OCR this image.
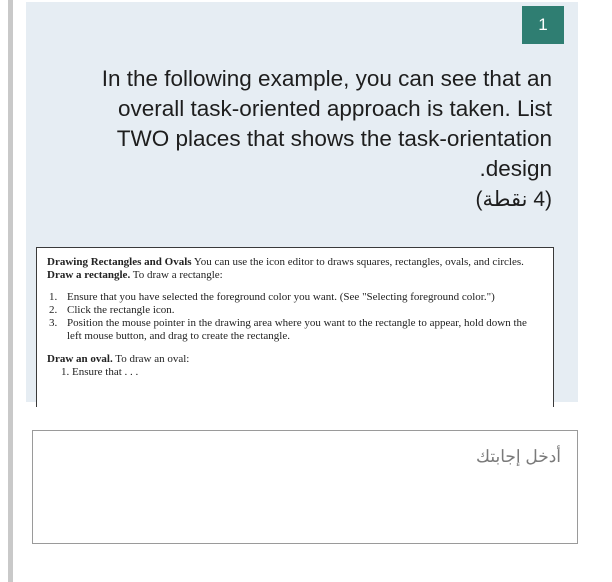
1
In the following example, you can see that an
overall task-oriented approach is taken. List
TWO places that shows the task-orientation
.design
(4 نقطة)

Drawing Rectangles and Ovals You can use the icon editor to draws squares, rectangles, ovals, and circles. Draw a rectangle. To draw a rectangle:

1. Ensure that you have selected the foreground color you want. (See "Selecting foreground color.")
2. Click the rectangle icon.
3. Position the mouse pointer in the drawing area where you want to the rectangle to appear, hold down the left mouse button, and drag to create the rectangle.

Draw an oval. To draw an oval:

1. Ensure that . . .

أدخل إجابتك
